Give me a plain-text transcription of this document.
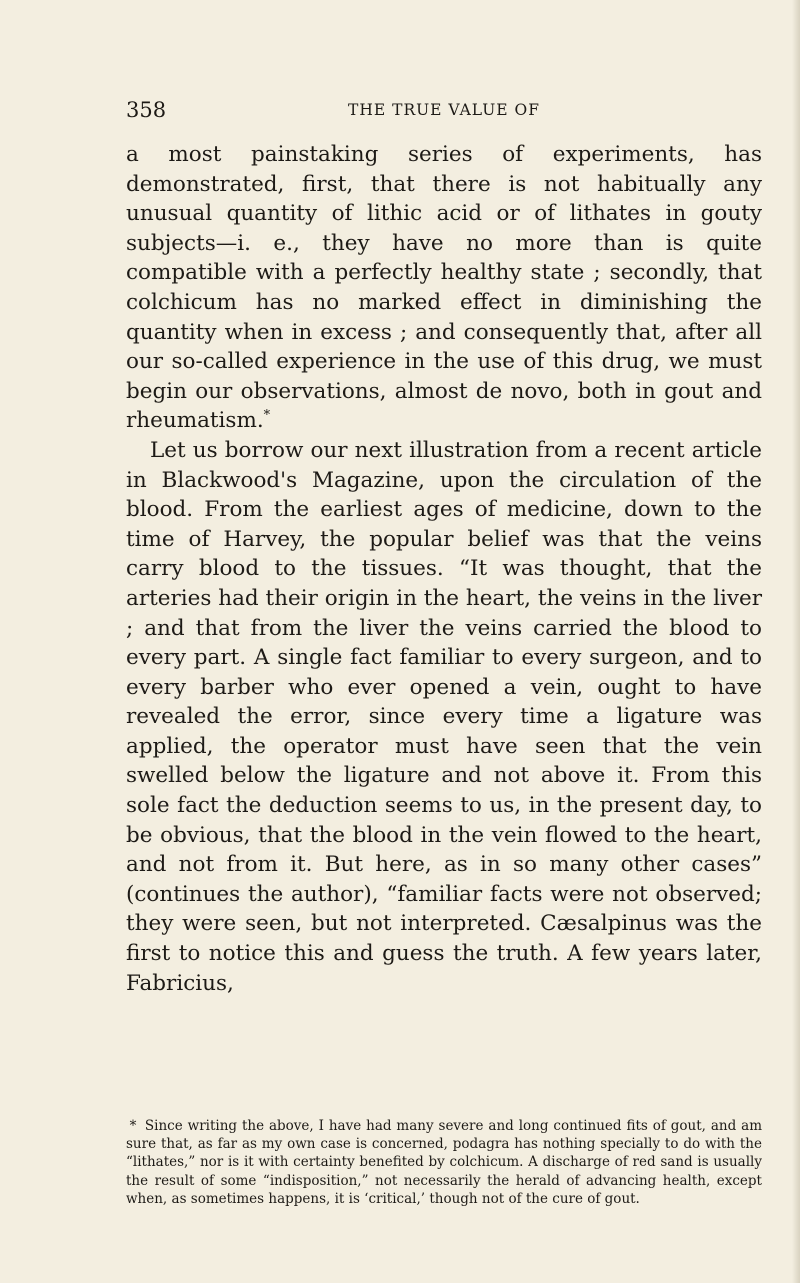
358	THE TRUE VALUE OF

a most painstaking series of experiments, has demonstrated, first, that there is not habitually any unusual quantity of lithic acid or of lithates in gouty subjects—i. e., they have no more than is quite compatible with a perfectly healthy state ; secondly, that colchicum has no marked effect in diminishing the quantity when in excess ; and consequently that, after all our so-called experience in the use of this drug, we must begin our observations, almost de novo, both in gout and rheumatism.*

Let us borrow our next illustration from a recent article in Blackwood's Magazine, upon the circulation of the blood. From the earliest ages of medicine, down to the time of Harvey, the popular belief was that the veins carry blood to the tissues. “It was thought, that the arteries had their origin in the heart, the veins in the liver ; and that from the liver the veins carried the blood to every part. A single fact familiar to every surgeon, and to every barber who ever opened a vein, ought to have revealed the error, since every time a ligature was applied, the operator must have seen that the vein swelled below the ligature and not above it. From this sole fact the deduction seems to us, in the present day, to be obvious, that the blood in the vein flowed to the heart, and not from it. But here, as in so many other cases” (continues the author), “familiar facts were not observed; they were seen, but not interpreted. Cæsalpinus was the first to notice this and guess the truth. A few years later, Fabricius,

* Since writing the above, I have had many severe and long continued fits of gout, and am sure that, as far as my own case is concerned, podagra has nothing specially to do with the “lithates,” nor is it with certainty benefited by colchicum. A discharge of red sand is usually the result of some “indisposition,” not necessarily the herald of advancing health, except when, as sometimes happens, it is ‘critical,’ though not of the cure of gout.
